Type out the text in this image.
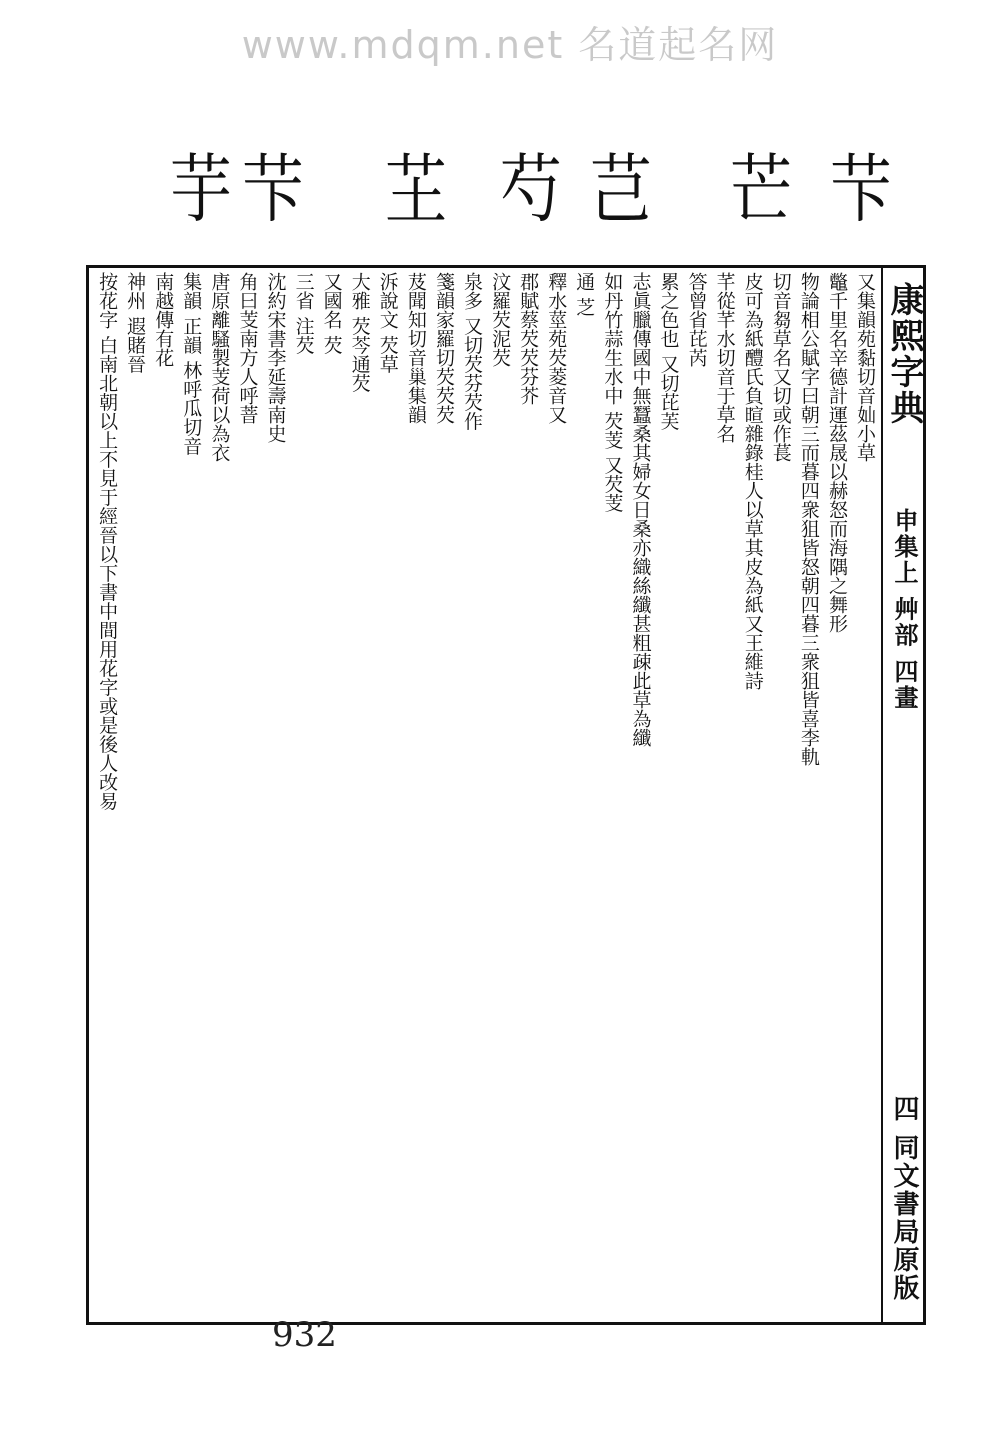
www.mdqm.net 名道起名网
芋 芐 芏 芍 芑 芒 芐
康熙字典
申集上 艸部 四畫
四 同文書局原版
又集韻苑黏切音奾小草
鼈千里名辛德計運茲晟以赫怒而海隅之舞形
物論相公賦字曰朝三而暮四衆狙皆怒朝四暮三衆狙皆喜李軌
切音芻草名又切或作萇
皮可為紙醴氏負暄雜錄桂人以草其皮為紙又王維詩
芊從芊水切音于草名
答曾省芘芮
累之色也 又切芘芙
志眞臘傳國中無蠶桑其婦女日桑亦織絲纖甚粗疎此草為纖
如丹竹蒜生水中 芡芰 又芡芰
通 芝
釋水莖苑芡菱音又
郡賦蔡芡芡芬芥
汶羅芡泥芡
泉多 又切芡芬芡作
箋韻家羅切芡芡芡
芨聞知切音巢集韻
泝說文 芡草
大雅 芡芩通芡
又國名 芡
三省 注芡
沈約宋書李延壽南史
角曰芰南方人呼萻
唐原離騷製芰荷以為衣
集韻 正韻 林呼瓜切音
南越傳有花
神州 遐賭晉
按花字 白南北朝以上不見于經晉以下書中間用花字或是後人改易
932
